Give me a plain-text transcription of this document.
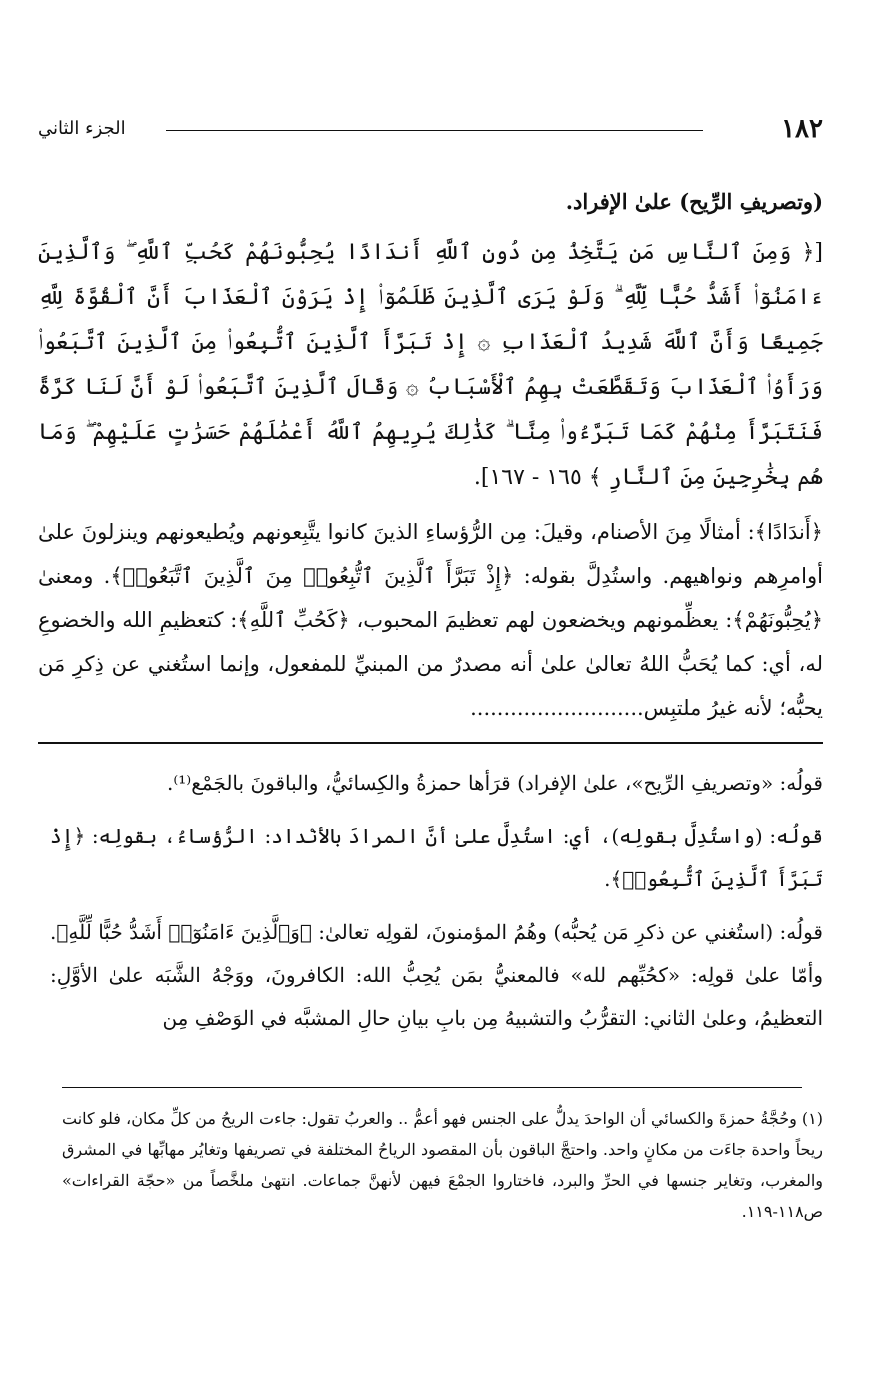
١٨٢
الجزء الثاني

(وتصريفِ الرِّيح) علىٰ الإفراد.

[﴿ وَمِنَ ٱلنَّاسِ مَن يَتَّخِذُ مِن دُونِ ٱللَّهِ أَندَادًا يُحِبُّونَهُمْ كَحُبِّ ٱللَّهِ ۖ وَٱلَّذِينَ ءَامَنُوٓا۟ أَشَدُّ حُبًّا لِّلَّهِ ۗ وَلَوْ يَرَى ٱلَّذِينَ ظَلَمُوٓا۟ إِذْ يَرَوْنَ ٱلْعَذَابَ أَنَّ ٱلْقُوَّةَ لِلَّهِ جَمِيعًا وَأَنَّ ٱللَّهَ شَدِيدُ ٱلْعَذَابِ ۞ إِذْ تَبَرَّأَ ٱلَّذِينَ ٱتُّبِعُوا۟ مِنَ ٱلَّذِينَ ٱتَّبَعُوا۟ وَرَأَوُا۟ ٱلْعَذَابَ وَتَقَطَّعَتْ بِهِمُ ٱلْأَسْبَابُ ۞ وَقَالَ ٱلَّذِينَ ٱتَّبَعُوا۟ لَوْ أَنَّ لَنَا كَرَّةً فَنَتَبَرَّأَ مِنْهُمْ كَمَا تَبَرَّءُوا۟ مِنَّا ۗ كَذَٰلِكَ يُرِيهِمُ ٱللَّهُ أَعْمَٰلَهُمْ حَسَرَٰتٍ عَلَيْهِمْ ۖ وَمَا هُم بِخَٰرِجِينَ مِنَ ٱلنَّارِ ﴾ ١٦٥ - ١٦٧].

﴿أَندَادًا﴾: أمثالًا مِنَ الأصنام، وقيلَ: مِن الرُّؤساءِ الذينَ كانوا يتَّبِعونهم ويُطيعونهم وينزلونَ علىٰ أوامرِهم ونواهيهم. واستُدِلَّ بقوله: ﴿إِذْ تَبَرَّأَ ٱلَّذِينَ ٱتُّبِعُوا۟ مِنَ ٱلَّذِينَ ٱتَّبَعُوا۟﴾. ومعنىٰ ﴿يُحِبُّونَهُمْ﴾: يعظِّمونهم ويخضعون لهم تعظيمَ المحبوب، ﴿كَحُبِّ ٱللَّهِ﴾: كتعظيمِ الله والخضوعِ له، أي: كما يُحَبُّ اللهُ تعالىٰ علىٰ أنه مصدرٌ من المبنيِّ للمفعول، وإنما استُغني عن ذِكرِ مَن يحبُّه؛ لأنه غيرُ ملتبِس..........................

قولُه: «وتصريفِ الرِّيح»، علىٰ الإفراد) قرَأها حمزةُ والكِسائيُّ، والباقونَ بالجَمْع⁽¹⁾.

قولُه: (واستُدِلَّ بقولِه)، أي: استُدِلَّ علىٰ أنَّ المرادَ بالأنْداد: الرُّؤساءُ، بقولِه: ﴿إِذْ تَبَرَّأَ ٱلَّذِينَ ٱتُّبِعُوا۟﴾.

قولُه: (استُغني عن ذكرِ مَن يُحبُّه) وهُمُ المؤمنونَ، لقولِه تعالىٰ: ﴿وَٱلَّذِينَ ءَامَنُوٓا۟ أَشَدُّ حُبًّا لِّلَّهِ﴾. وأمّا علىٰ قولِه: «كحُبِّهم لله» فالمعنيُّ بمَن يُحِبُّ الله: الكافرونَ، ووَجْهُ الشَّبَه علىٰ الأوَّلِ: التعظيمُ، وعلىٰ الثاني: التقرُّبُ والتشبيهُ مِن بابِ بيانِ حالِ المشبَّه في الوَصْفِ مِن

(١) وحُجَّةُ حمزةَ والكسائي أن الواحدَ يدلُّ على الجنس فهو أعمُّ .. والعربُ تقول: جاءت الريحُ من كلِّ مكان، فلو كانت ريحاً واحدة جاءَت من مكانٍ واحد. واحتجَّ الباقون بأن المقصود الرياحُ المختلفة في تصريفها وتغايُر مهابِّها في المشرق والمغرب، وتغاير جنسها في الحرِّ والبرد، فاختاروا الجمْعَ فيهن لأنهنَّ جماعات. انتهىٰ ملخَّصاً من «حجّة القراءات» ص١١٨-١١٩.
